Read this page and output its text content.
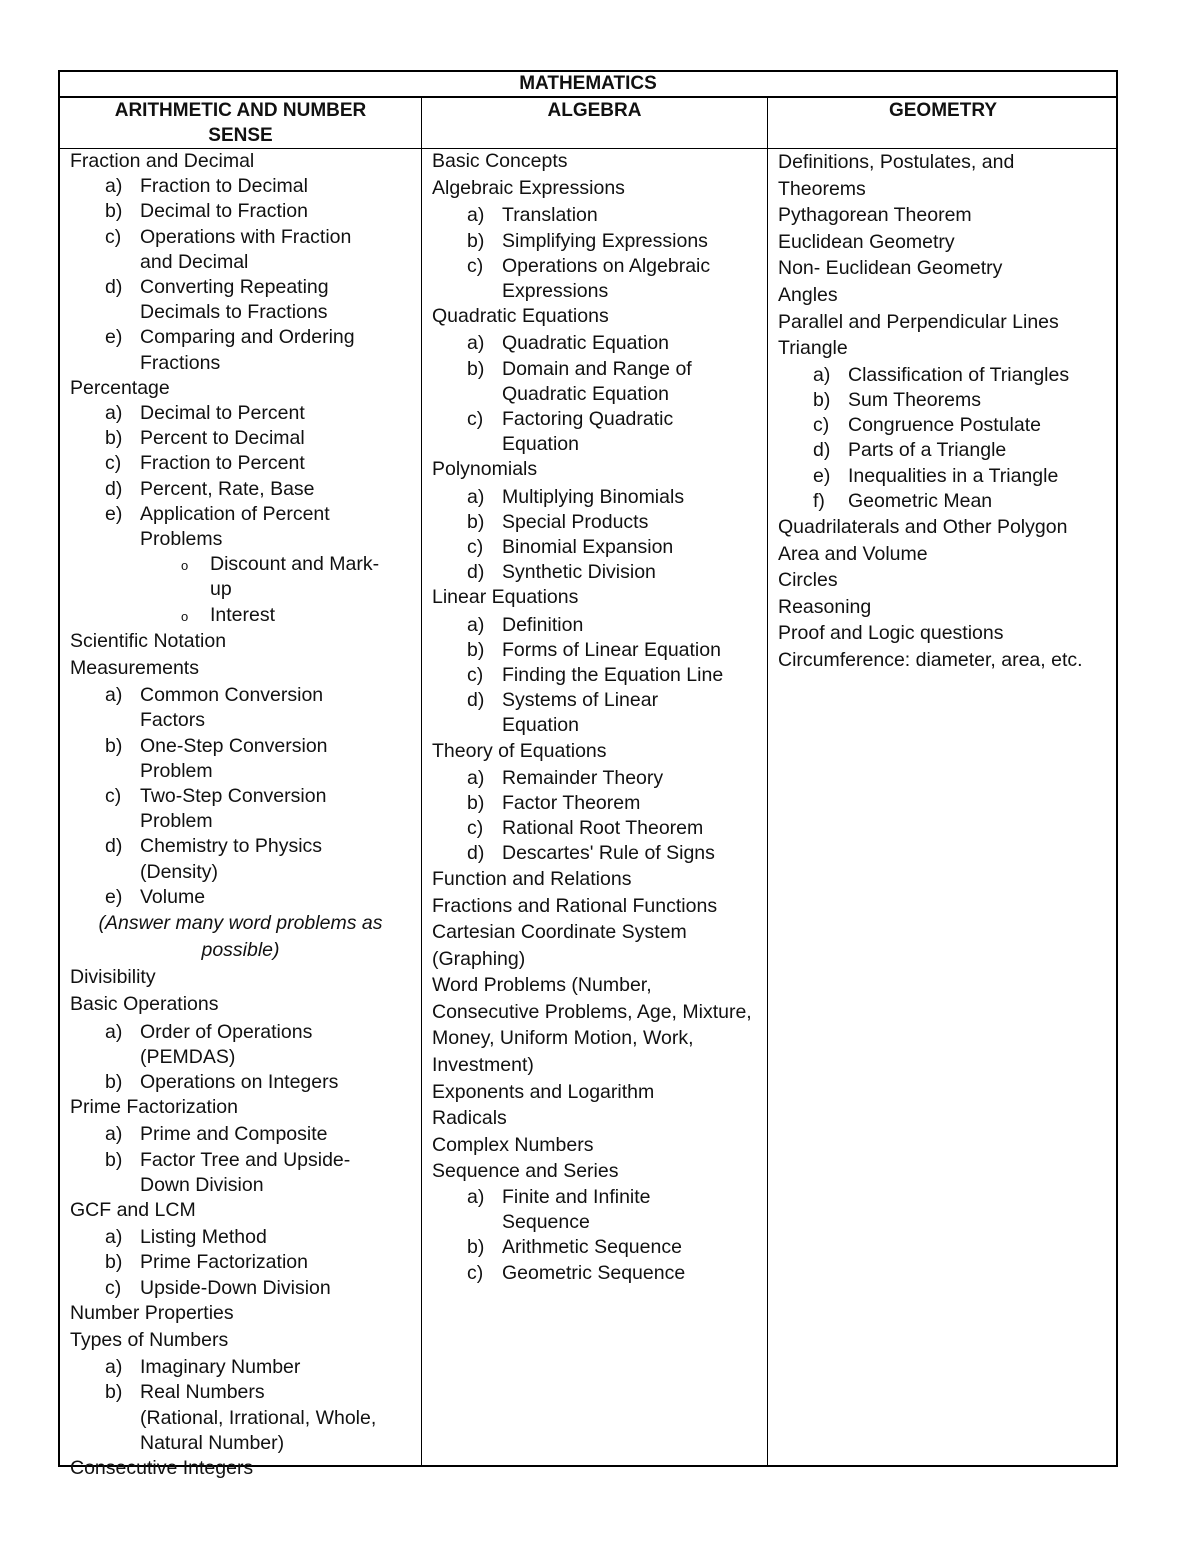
MATHEMATICS
ARITHMETIC AND NUMBER
SENSE
ALGEBRA	GEOMETRY
Fraction and Decimal
a) Fraction to Decimal
b) Decimal to Fraction
c) Operations with Fraction
and Decimal
d) Converting Repeating
Decimals to Fractions
e) Comparing and Ordering
Fractions
Percentage
a) Decimal to Percent
b) Percent to Decimal
c) Fraction to Percent
d) Percent, Rate, Base
e) Application of Percent
Problems
o Discount and Mark-
up
o Interest
Scientific Notation
Measurements
a) Common Conversion
Factors
b) One-Step Conversion
Problem
c) Two-Step Conversion
Problem
d) Chemistry to Physics
(Density)
e) Volume
(Answer many word problems as possible)
Divisibility
Basic Operations
a) Order of Operations
(PEMDAS)
b) Operations on Integers
Prime Factorization
a) Prime and Composite
b) Factor Tree and Upside-
Down Division
GCF and LCM
a) Listing Method
b) Prime Factorization
c) Upside-Down Division
Number Properties
Types of Numbers
a) Imaginary Number
b) Real Numbers
(Rational, Irrational, Whole,
Natural Number)
Consecutive Integers
Basic Concepts
Algebraic Expressions
a) Translation
b) Simplifying Expressions
c) Operations on Algebraic
Expressions
Quadratic Equations
a) Quadratic Equation
b) Domain and Range of
Quadratic Equation
c) Factoring Quadratic
Equation
Polynomials
a) Multiplying Binomials
b) Special Products
c) Binomial Expansion
d) Synthetic Division
Linear Equations
a) Definition
b) Forms of Linear Equation
c) Finding the Equation Line
d) Systems of Linear
Equation
Theory of Equations
a) Remainder Theory
b) Factor Theorem
c) Rational Root Theorem
d) Descartes' Rule of Signs
Function and Relations
Fractions and Rational Functions
Cartesian Coordinate System (Graphing)
Word Problems (Number, Consecutive Problems, Age, Mixture, Money, Uniform Motion, Work, Investment)
Exponents and Logarithm
Radicals
Complex Numbers
Sequence and Series
a) Finite and Infinite
Sequence
b) Arithmetic Sequence
c) Geometric Sequence
Definitions, Postulates, and Theorems
Pythagorean Theorem
Euclidean Geometry
Non- Euclidean Geometry
Angles
Parallel and Perpendicular Lines
Triangle
a) Classification of Triangles
b) Sum Theorems
c) Congruence Postulate
d) Parts of a Triangle
e) Inequalities in a Triangle
f) Geometric Mean
Quadrilaterals and Other Polygon
Area and Volume
Circles
Reasoning
Proof and Logic questions
Circumference: diameter, area, etc.
